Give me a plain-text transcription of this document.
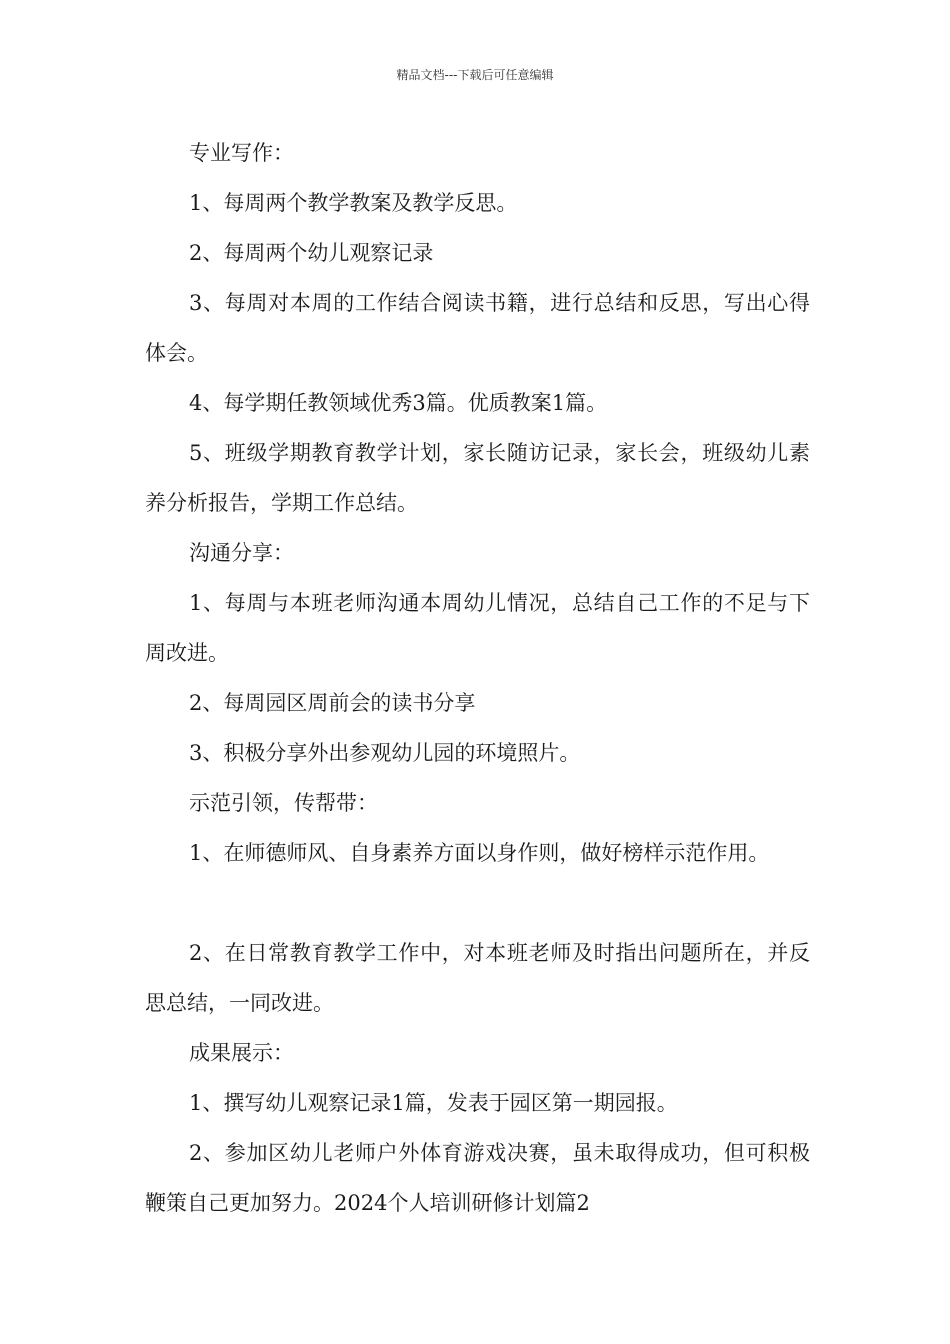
精品文档---下载后可任意编辑

专业写作：

1、每周两个教学教案及教学反思。

2、每周两个幼儿观察记录

3、每周对本周的工作结合阅读书籍，进行总结和反思，写出心得体会。

4、每学期任教领域优秀3篇。优质教案1篇。

5、班级学期教育教学计划，家长随访记录，家长会，班级幼儿素养分析报告，学期工作总结。

沟通分享：

1、每周与本班老师沟通本周幼儿情况，总结自己工作的不足与下周改进。

2、每周园区周前会的读书分享

3、积极分享外出参观幼儿园的环境照片。

示范引领，传帮带：

1、在师德师风、自身素养方面以身作则，做好榜样示范作用。

2、在日常教育教学工作中，对本班老师及时指出问题所在，并反思总结，一同改进。

成果展示：

1、撰写幼儿观察记录1篇，发表于园区第一期园报。

2、参加区幼儿老师户外体育游戏决赛，虽未取得成功，但可积极鞭策自己更加努力。2024个人培训研修计划篇2
